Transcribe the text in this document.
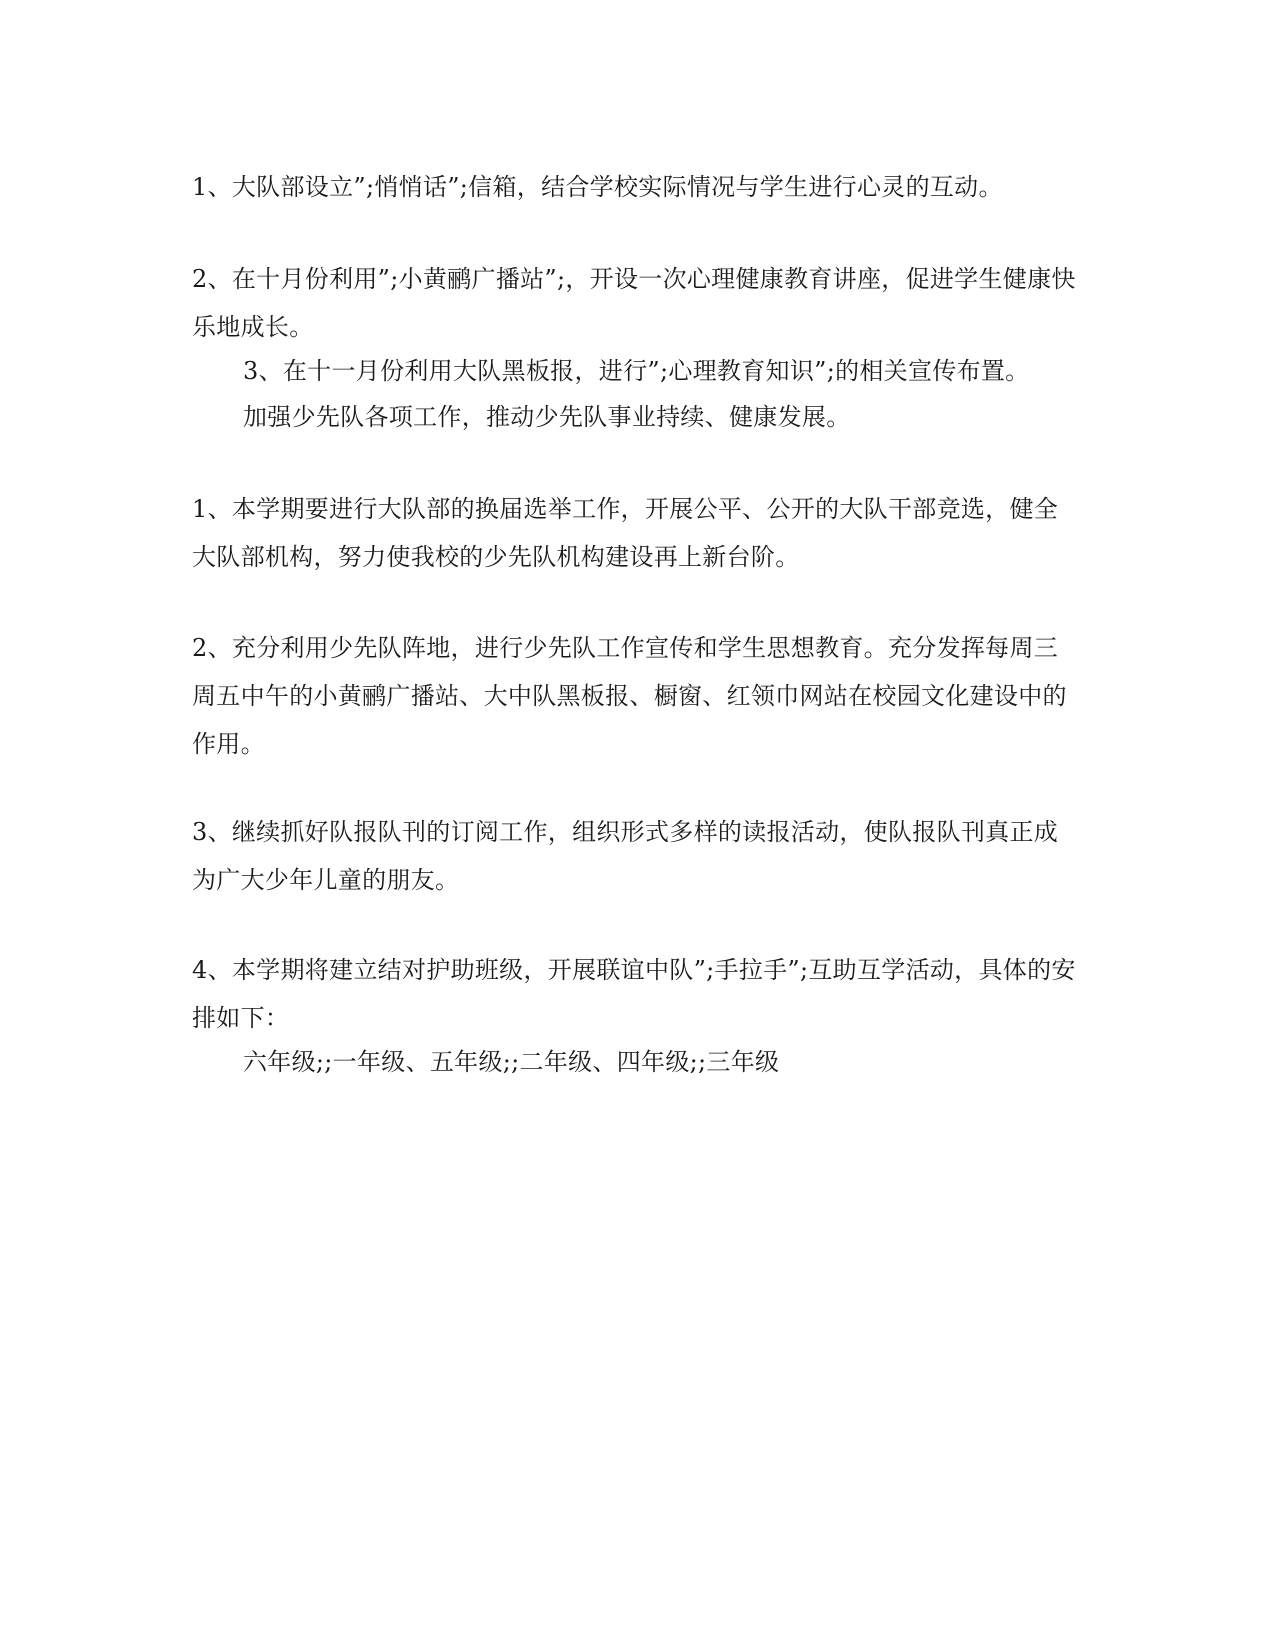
1、大队部设立”;悄悄话”;信箱，结合学校实际情况与学生进行心灵的互动。

2、在十月份利用”;小黄鹂广播站”;，开设一次心理健康教育讲座，促进学生健康快乐地成长。

3、在十一月份利用大队黑板报，进行”;心理教育知识”;的相关宣传布置。

加强少先队各项工作，推动少先队事业持续、健康发展。

1、本学期要进行大队部的换届选举工作，开展公平、公开的大队干部竞选，健全大队部机构，努力使我校的少先队机构建设再上新台阶。

2、充分利用少先队阵地，进行少先队工作宣传和学生思想教育。充分发挥每周三周五中午的小黄鹂广播站、大中队黑板报、橱窗、红领巾网站在校园文化建设中的作用。

3、继续抓好队报队刊的订阅工作，组织形式多样的读报活动，使队报队刊真正成为广大少年儿童的朋友。

4、本学期将建立结对护助班级，开展联谊中队”;手拉手”;互助互学活动，具体的安排如下：

六年级;;一年级、五年级;;二年级、四年级;;三年级
